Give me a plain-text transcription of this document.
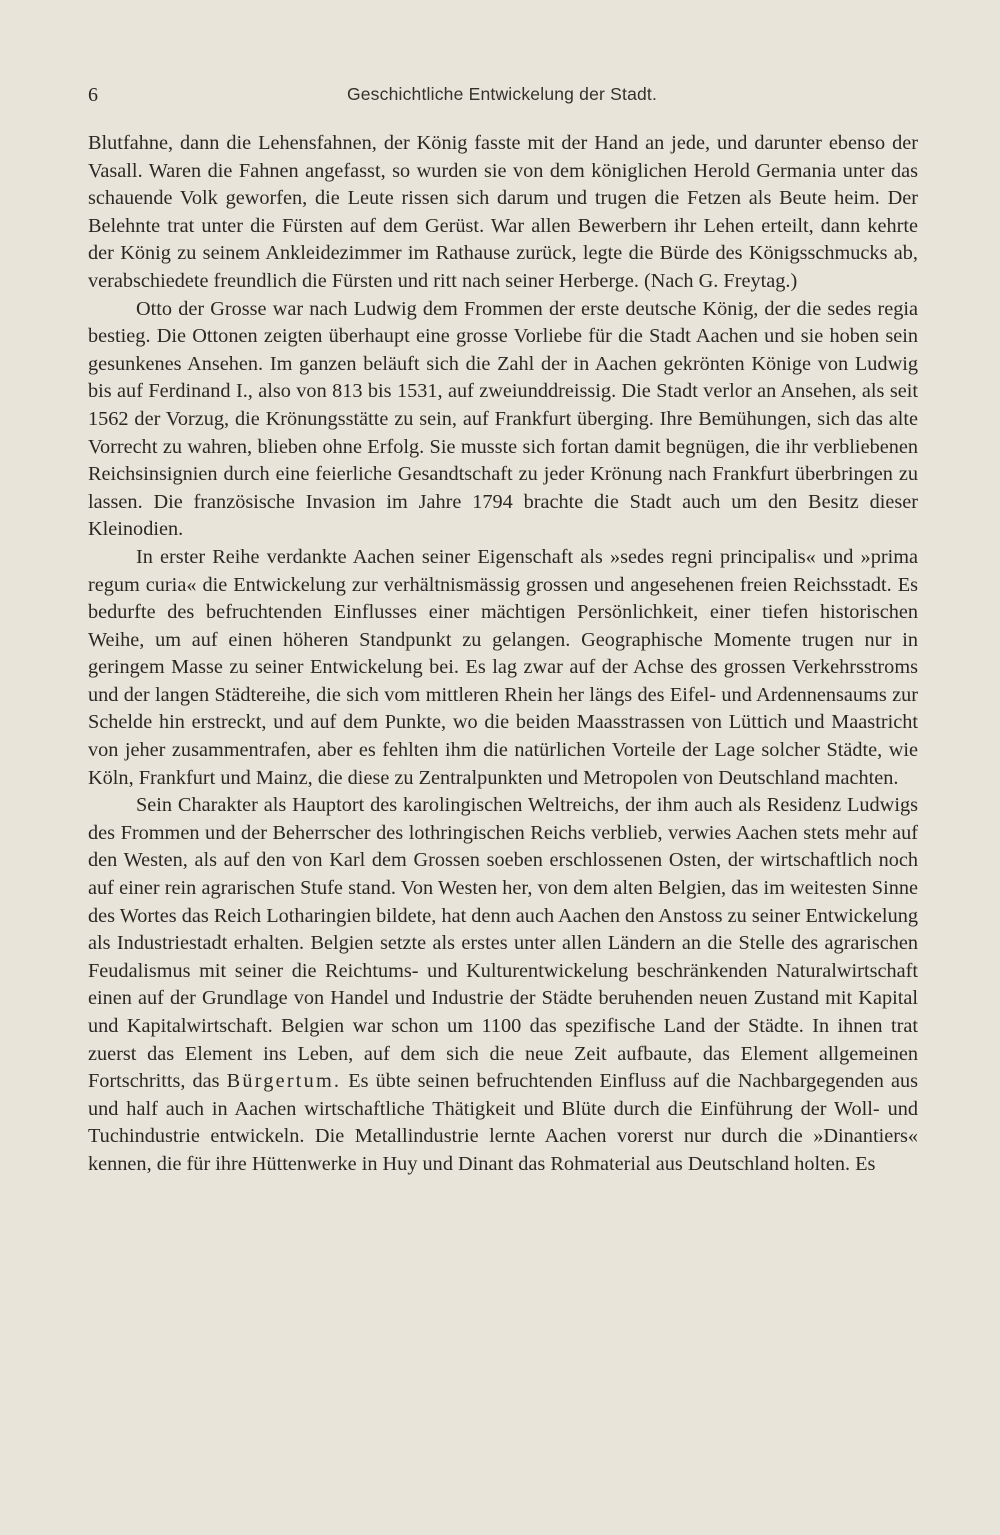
6	Geschichtliche Entwickelung der Stadt.

Blutfahne, dann die Lehensfahnen, der König fasste mit der Hand an jede, und darunter ebenso der Vasall. Waren die Fahnen angefasst, so wurden sie von dem königlichen Herold Germania unter das schauende Volk geworfen, die Leute rissen sich darum und trugen die Fetzen als Beute heim. Der Belehnte trat unter die Fürsten auf dem Gerüst. War allen Bewerbern ihr Lehen erteilt, dann kehrte der König zu seinem Ankleidezimmer im Rathause zurück, legte die Bürde des Königsschmucks ab, verabschiedete freundlich die Fürsten und ritt nach seiner Herberge. (Nach G. Freytag.)

Otto der Grosse war nach Ludwig dem Frommen der erste deutsche König, der die sedes regia bestieg. Die Ottonen zeigten überhaupt eine grosse Vorliebe für die Stadt Aachen und sie hoben sein gesunkenes Ansehen. Im ganzen beläuft sich die Zahl der in Aachen gekrönten Könige von Ludwig bis auf Ferdinand I., also von 813 bis 1531, auf zweiunddreissig. Die Stadt verlor an Ansehen, als seit 1562 der Vorzug, die Krönungsstätte zu sein, auf Frankfurt überging. Ihre Bemühungen, sich das alte Vorrecht zu wahren, blieben ohne Erfolg. Sie musste sich fortan damit begnügen, die ihr verbliebenen Reichsinsignien durch eine feierliche Gesandtschaft zu jeder Krönung nach Frankfurt überbringen zu lassen. Die französische Invasion im Jahre 1794 brachte die Stadt auch um den Besitz dieser Kleinodien.

In erster Reihe verdankte Aachen seiner Eigenschaft als »sedes regni principalis« und »prima regum curia« die Entwickelung zur verhältnismässig grossen und angesehenen freien Reichsstadt. Es bedurfte des befruchtenden Einflusses einer mächtigen Persönlichkeit, einer tiefen historischen Weihe, um auf einen höheren Standpunkt zu gelangen. Geographische Momente trugen nur in geringem Masse zu seiner Entwickelung bei. Es lag zwar auf der Achse des grossen Verkehrsstroms und der langen Städtereihe, die sich vom mittleren Rhein her längs des Eifel- und Ardennensaums zur Schelde hin erstreckt, und auf dem Punkte, wo die beiden Maasstrassen von Lüttich und Maastricht von jeher zusammentrafen, aber es fehlten ihm die natürlichen Vorteile der Lage solcher Städte, wie Köln, Frankfurt und Mainz, die diese zu Zentralpunkten und Metropolen von Deutschland machten.

Sein Charakter als Hauptort des karolingischen Weltreichs, der ihm auch als Residenz Ludwigs des Frommen und der Beherrscher des lothringischen Reichs verblieb, verwies Aachen stets mehr auf den Westen, als auf den von Karl dem Grossen soeben erschlossenen Osten, der wirtschaftlich noch auf einer rein agrarischen Stufe stand. Von Westen her, von dem alten Belgien, das im weitesten Sinne des Wortes das Reich Lotharingien bildete, hat denn auch Aachen den Anstoss zu seiner Entwickelung als Industriestadt erhalten. Belgien setzte als erstes unter allen Ländern an die Stelle des agrarischen Feudalismus mit seiner die Reichtums- und Kulturentwickelung beschränkenden Naturalwirtschaft einen auf der Grundlage von Handel und Industrie der Städte beruhenden neuen Zustand mit Kapital und Kapitalwirtschaft. Belgien war schon um 1100 das spezifische Land der Städte. In ihnen trat zuerst das Element ins Leben, auf dem sich die neue Zeit aufbaute, das Element allgemeinen Fortschritts, das Bürgertum. Es übte seinen befruchtenden Einfluss auf die Nachbargegenden aus und half auch in Aachen wirtschaftliche Thätigkeit und Blüte durch die Einführung der Woll- und Tuchindustrie entwickeln. Die Metallindustrie lernte Aachen vorerst nur durch die »Dinantiers« kennen, die für ihre Hüttenwerke in Huy und Dinant das Rohmaterial aus Deutschland holten. Es
